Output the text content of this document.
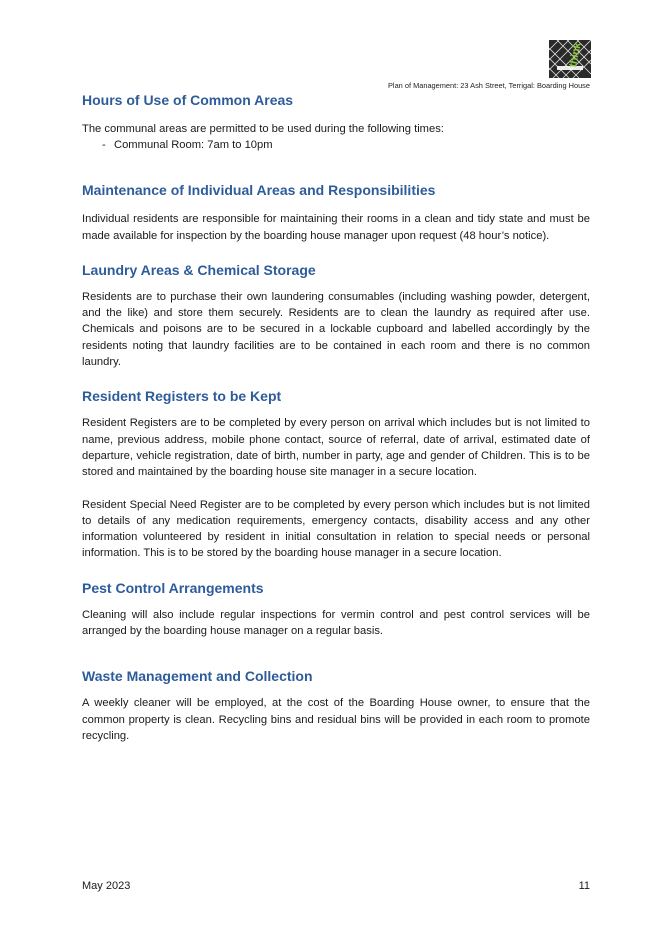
think
Plan of Management: 23 Ash Street, Terrigal: Boarding House
Hours of Use of Common Areas

The communal areas are permitted to be used during the following times:

- Communal Room: 7am to 10pm
Maintenance of Individual Areas and Responsibilities

Individual residents are responsible for maintaining their rooms in a clean and tidy state and must be made available for inspection by the boarding house manager upon request (48 hour’s notice).

Laundry Areas & Chemical Storage

Residents are to purchase their own laundering consumables (including washing powder, detergent, and the like) and store them securely. Residents are to clean the laundry as required after use. Chemicals and poisons are to be secured in a lockable cupboard and labelled accordingly by the residents noting that laundry facilities are to be contained in each room and there is no common laundry.

Resident Registers to be Kept

Resident Registers are to be completed by every person on arrival which includes but is not limited to name, previous address, mobile phone contact, source of referral, date of arrival, estimated date of departure, vehicle registration, date of birth, number in party, age and gender of Children. This is to be stored and maintained by the boarding house site manager in a secure location.

Resident Special Need Register are to be completed by every person which includes but is not limited to details of any medication requirements, emergency contacts, disability access and any other information volunteered by resident in initial consultation in relation to special needs or personal information. This is to be stored by the boarding house manager in a secure location.

Pest Control Arrangements

Cleaning will also include regular inspections for vermin control and pest control services will be arranged by the boarding house manager on a regular basis.

Waste Management and Collection

A weekly cleaner will be employed, at the cost of the Boarding House owner, to ensure that the common property is clean. Recycling bins and residual bins will be provided in each room to promote recycling.

May 2023	11
